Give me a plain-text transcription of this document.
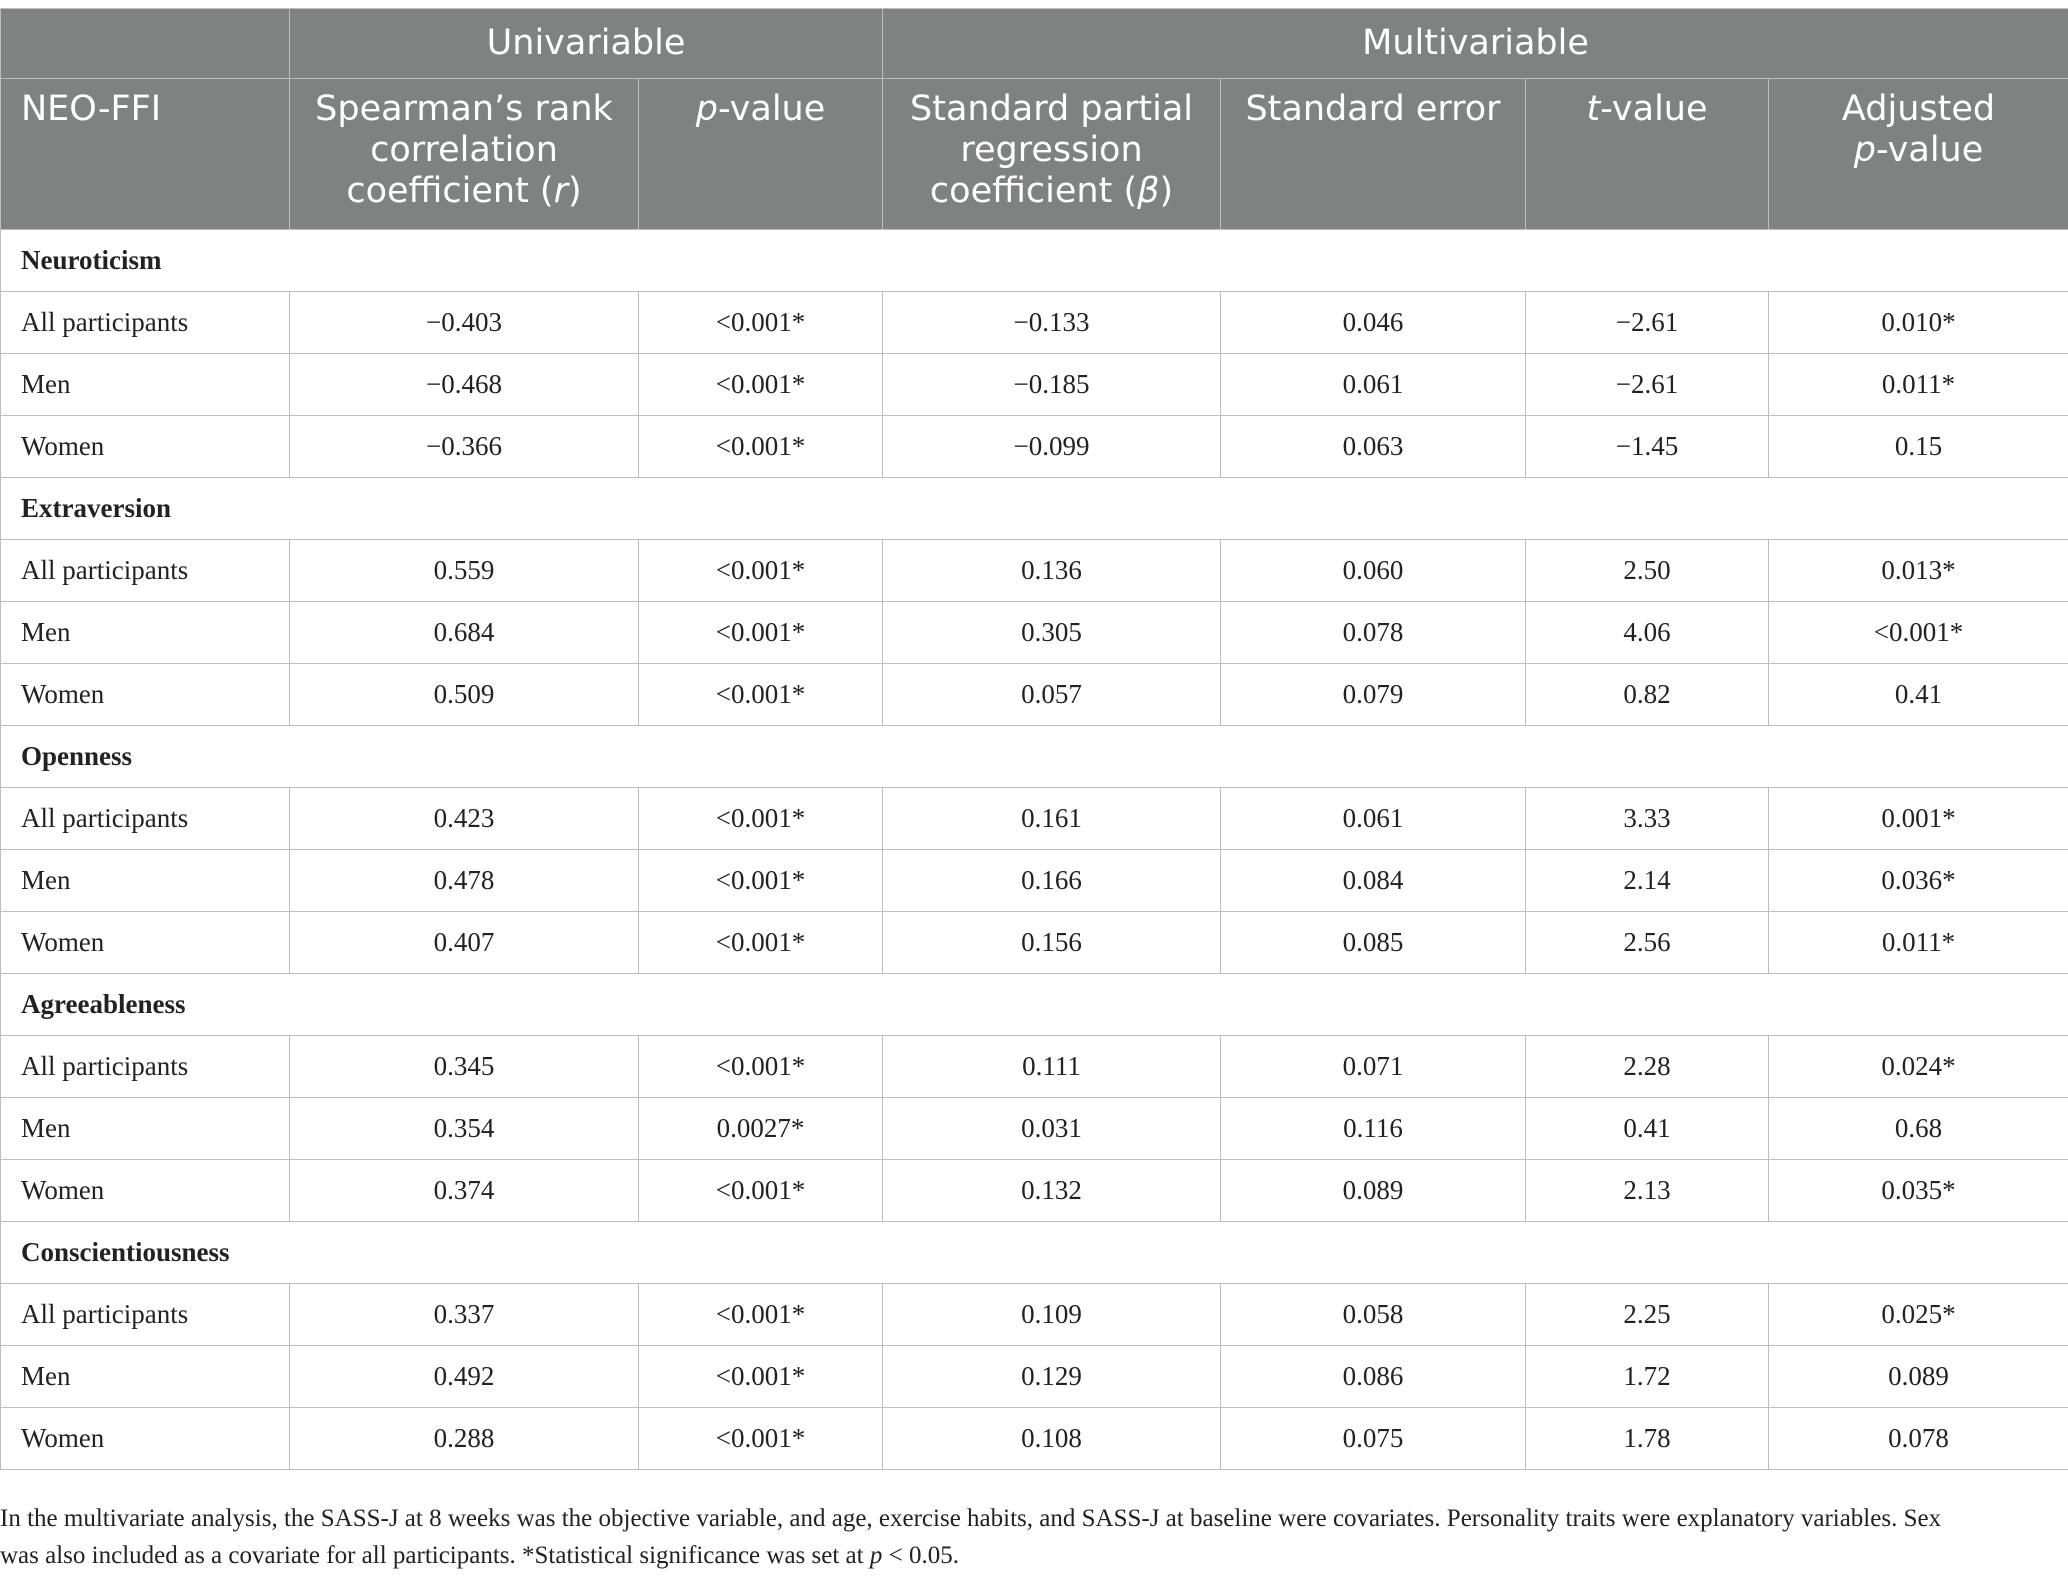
	Univariable		Multivariable			
NEO-FFI	Spearman’s rank correlation coefficient (r)	p-value	Standard partial regression coefficient (β)	Standard error	t-value	Adjusted
p-value
Neuroticism						
All participants	−0.403	<0.001*	−0.133	0.046	−2.61	0.010*
Men	−0.468	<0.001*	−0.185	0.061	−2.61	0.011*
Women	−0.366	<0.001*	−0.099	0.063	−1.45	0.15
Extraversion						
All participants	0.559	<0.001*	0.136	0.060	2.50	0.013*
Men	0.684	<0.001*	0.305	0.078	4.06	<0.001*
Women	0.509	<0.001*	0.057	0.079	0.82	0.41
Openness						
All participants	0.423	<0.001*	0.161	0.061	3.33	0.001*
Men	0.478	<0.001*	0.166	0.084	2.14	0.036*
Women	0.407	<0.001*	0.156	0.085	2.56	0.011*
Agreeableness						
All participants	0.345	<0.001*	0.111	0.071	2.28	0.024*
Men	0.354	0.0027*	0.031	0.116	0.41	0.68
Women	0.374	<0.001*	0.132	0.089	2.13	0.035*
Conscientiousness						
All participants	0.337	<0.001*	0.109	0.058	2.25	0.025*
Men	0.492	<0.001*	0.129	0.086	1.72	0.089
Women	0.288	<0.001*	0.108	0.075	1.78	0.078
In the multivariate analysis, the SASS-J at 8 weeks was the objective variable, and age, exercise habits, and SASS-J at baseline were covariates. Personality traits were explanatory variables. Sex
was also included as a covariate for all participants. *Statistical significance was set at p < 0.05.
